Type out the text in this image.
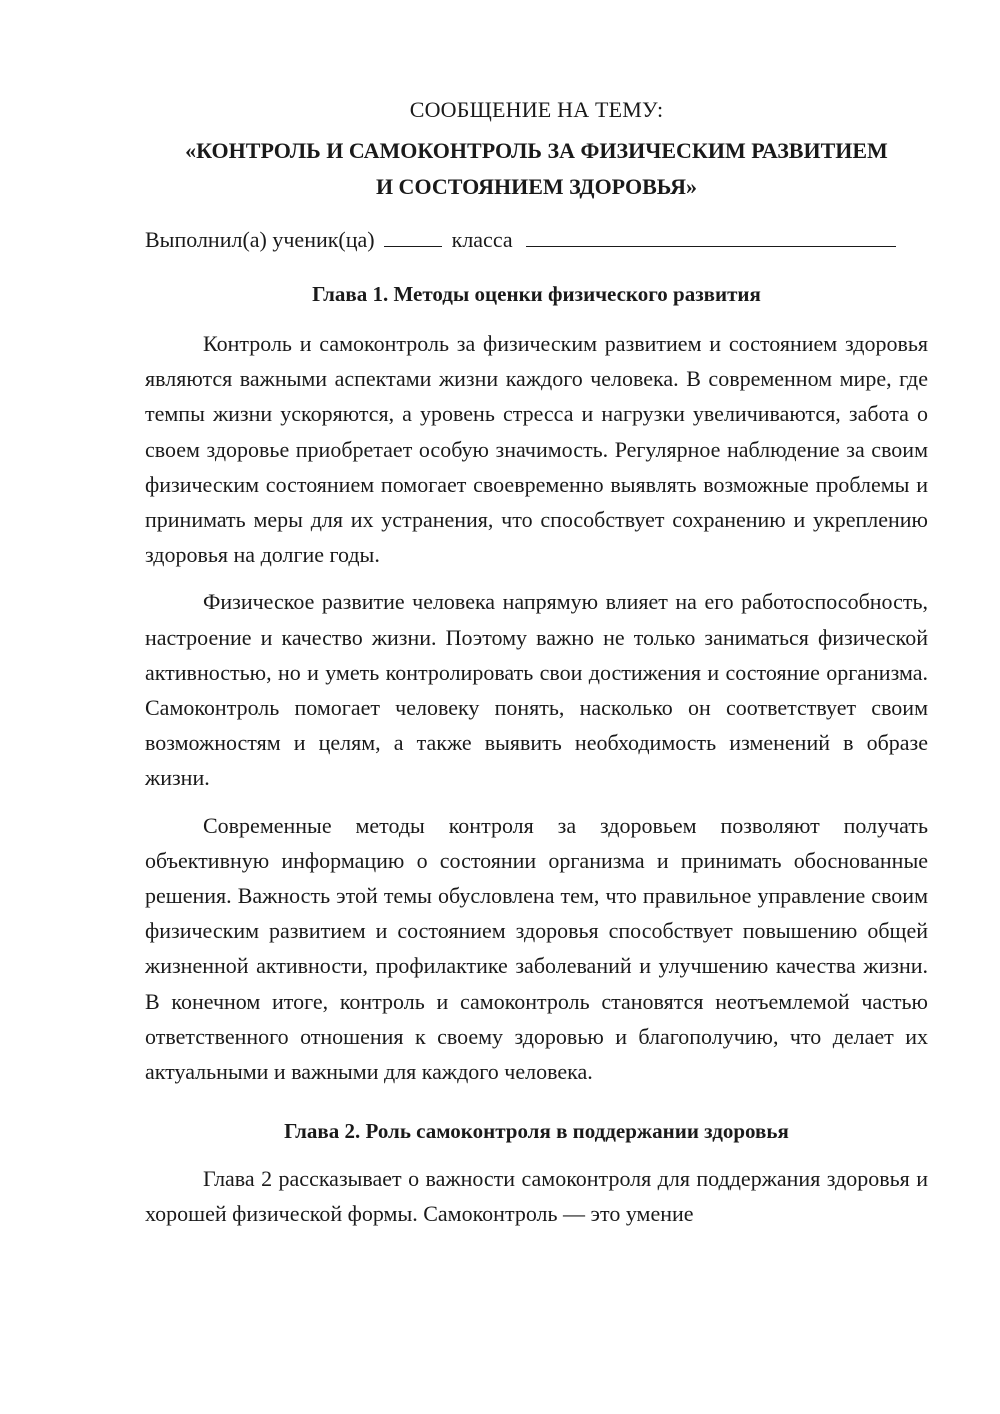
СООБЩЕНИЕ НА ТЕМУ:
«КОНТРОЛЬ И САМОКОНТРОЛЬ ЗА ФИЗИЧЕСКИМ РАЗВИТИЕМ
И СОСТОЯНИЕМ ЗДОРОВЬЯ»
Выполнил(а) ученик(ца)	класса
Глава 1. Методы оценки физического развития

Контроль и самоконтроль за физическим развитием и состоянием здоровья являются важными аспектами жизни каждого человека. В современном мире, где темпы жизни ускоряются, а уровень стресса и нагрузки увеличиваются, забота о своем здоровье приобретает особую значимость. Регулярное наблюдение за своим физическим состоянием помогает своевременно выявлять возможные проблемы и принимать меры для их устранения, что способствует сохранению и укреплению здоровья на долгие годы.

Физическое развитие человека напрямую влияет на его работоспособность, настроение и качество жизни. Поэтому важно не только заниматься физической активностью, но и уметь контролировать свои достижения и состояние организма. Самоконтроль помогает человеку понять, насколько он соответствует своим возможностям и целям, а также выявить необходимость изменений в образе жизни.

Современные методы контроля за здоровьем позволяют получать объективную информацию о состоянии организма и принимать обоснованные решения. Важность этой темы обусловлена тем, что правильное управление своим физическим развитием и состоянием здоровья способствует повышению общей жизненной активности, профилактике заболеваний и улучшению качества жизни. В конечном итоге, контроль и самоконтроль становятся неотъемлемой частью ответственного отношения к своему здоровью и благополучию, что делает их актуальными и важными для каждого человека.

Глава 2. Роль самоконтроля в поддержании здоровья

Глава 2 рассказывает о важности самоконтроля для поддержания здоровья и хорошей физической формы. Самоконтроль — это умение
